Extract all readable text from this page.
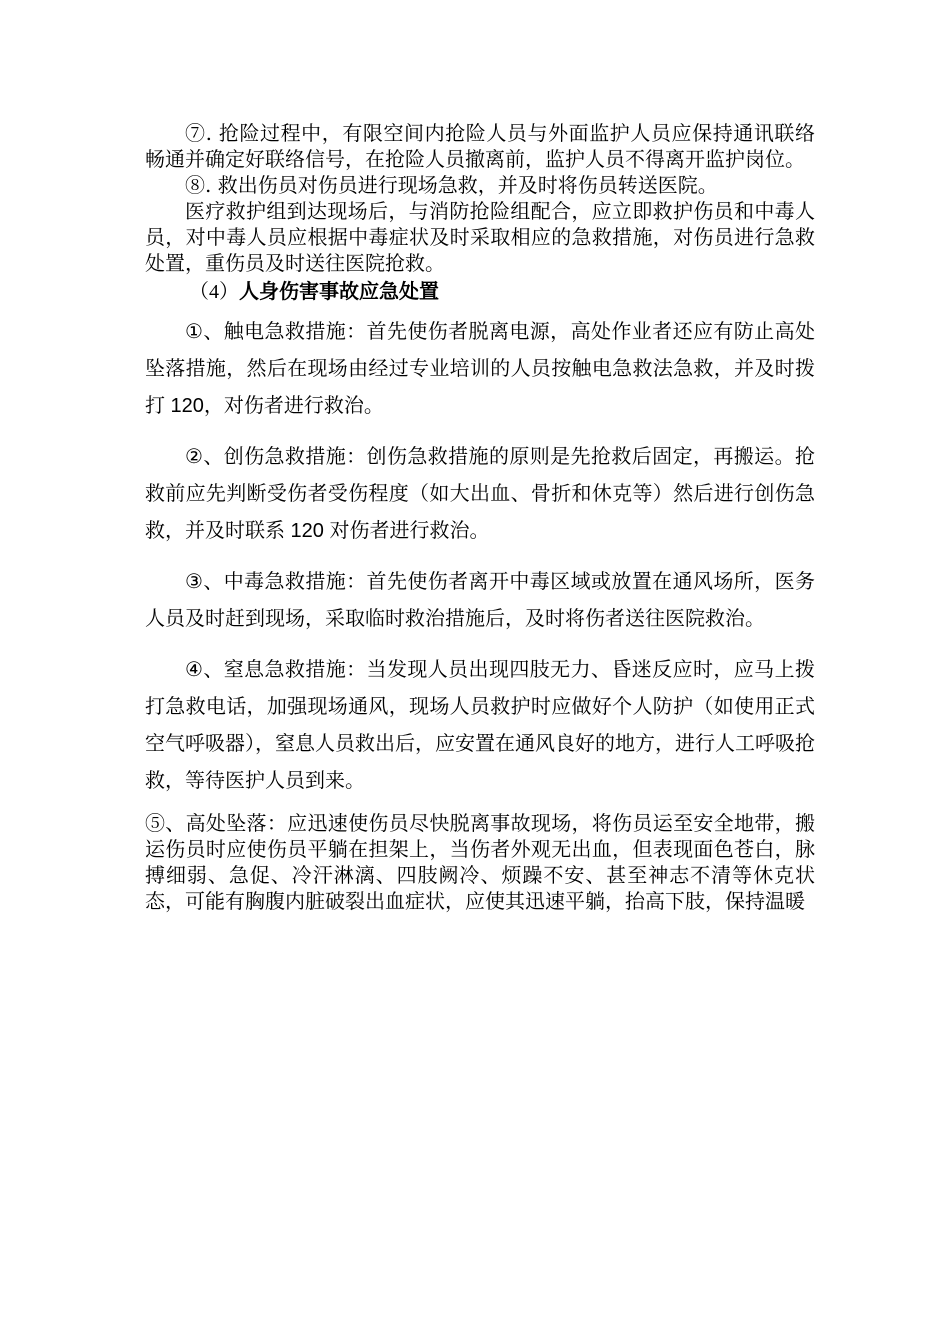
⑦. 抢险过程中，有限空间内抢险人员与外面监护人员应保持通讯联络畅通并确定好联络信号，在抢险人员撤离前，监护人员不得离开监护岗位。

⑧. 救出伤员对伤员进行现场急救，并及时将伤员转送医院。

医疗救护组到达现场后，与消防抢险组配合，应立即救护伤员和中毒人员，对中毒人员应根据中毒症状及时采取相应的急救措施，对伤员进行急救处置，重伤员及时送往医院抢救。

（4）人身伤害事故应急处置

①、触电急救措施：首先使伤者脱离电源，高处作业者还应有防止高处坠落措施，然后在现场由经过专业培训的人员按触电急救法急救，并及时拨打 120，对伤者进行救治。

②、创伤急救措施：创伤急救措施的原则是先抢救后固定，再搬运。抢救前应先判断受伤者受伤程度（如大出血、骨折和休克等）然后进行创伤急救，并及时联系 120 对伤者进行救治。

③、中毒急救措施：首先使伤者离开中毒区域或放置在通风场所，医务人员及时赶到现场，采取临时救治措施后，及时将伤者送往医院救治。

④、窒息急救措施：当发现人员出现四肢无力、昏迷反应时，应马上拨打急救电话，加强现场通风，现场人员救护时应做好个人防护（如使用正式空气呼吸器），窒息人员救出后，应安置在通风良好的地方，进行人工呼吸抢救，等待医护人员到来。

⑤、高处坠落：应迅速使伤员尽快脱离事故现场，将伤员运至安全地带，搬运伤员时应使伤员平躺在担架上，当伤者外观无出血，但表现面色苍白，脉搏细弱、急促、冷汗淋漓、四肢阙冷、烦躁不安、甚至神志不清等休克状态，可能有胸腹内脏破裂出血症状，应使其迅速平躺，抬高下肢，保持温暖
